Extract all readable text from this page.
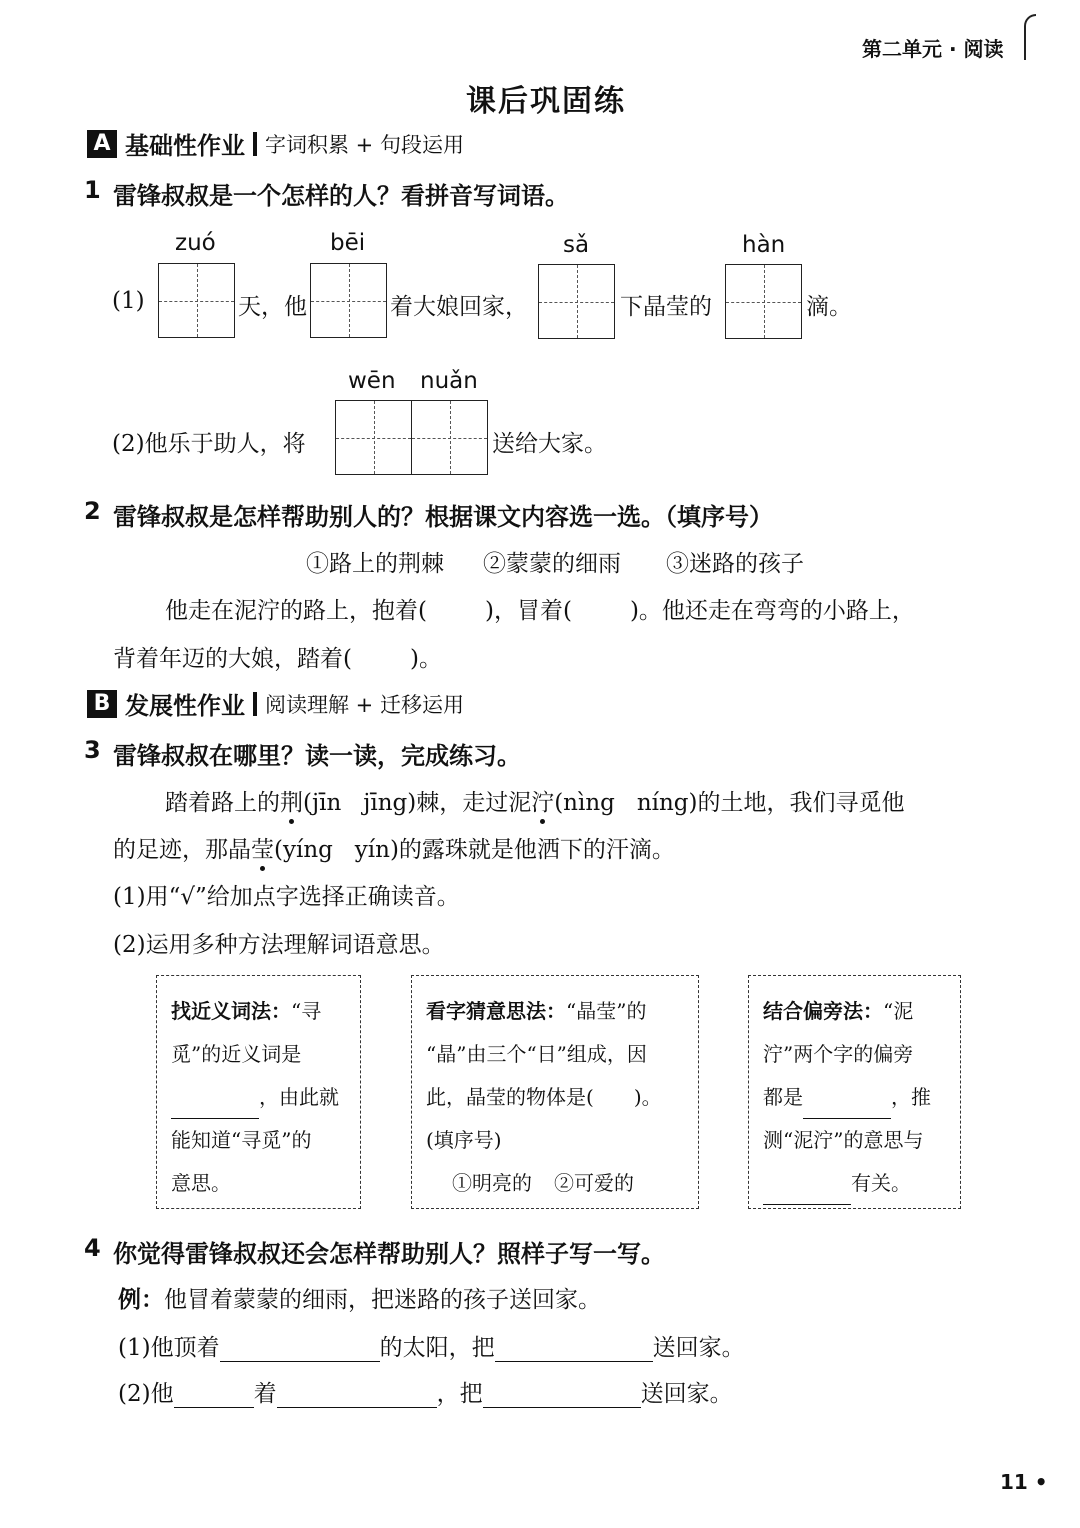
第二单元 · 阅读
课后巩固练
A 基础性作业 字词积累 + 句段运用
1 雷锋叔叔是一个怎样的人？看拼音写词语。
zuó	bēi	sǎ	hàn
(1)	天，他	着大娘回家，	下晶莹的	滴。
wēn nuǎn
(2)他乐于助人，将	送给大家。
2 雷锋叔叔是怎样帮助别人的？根据课文内容选一选。（填序号）
①路上的荆棘 ②蒙蒙的细雨 ③迷路的孩子
他走在泥泞的路上，抱着(	)，冒着(	)。他还走在弯弯的小路上，
背着年迈的大娘，踏着(	)。
B 发展性作业 阅读理解 + 迁移运用
3 雷锋叔叔在哪里？读一读，完成练习。
踏着路上的荆(jīn   jīng)棘，走过泥泞(nìng   níng)的土地，我们寻觅他
的足迹，那晶莹(yíng   yín)的露珠就是他洒下的汗滴。
(1)用“√”给加点字选择正确读音。
(2)运用多种方法理解词语意思。
找近义词法：“寻
觅”的近义词是
，由此就
能知道“寻觅”的
意思。
看字猜意思法：“晶莹”的
“晶”由三个“日”组成，因
此，晶莹的物体是( )。
(填序号)
①明亮的 ②可爱的
结合偏旁法：“泥
泞”两个字的偏旁
都是	，推
测“泥泞”的意思与
有关。
4 你觉得雷锋叔叔还会怎样帮助别人？照样子写一写。
例：他冒着蒙蒙的细雨，把迷路的孩子送回家。
(1)他顶着	的太阳，把	送回家。
(2)他	着	，把	送回家。
11 •
